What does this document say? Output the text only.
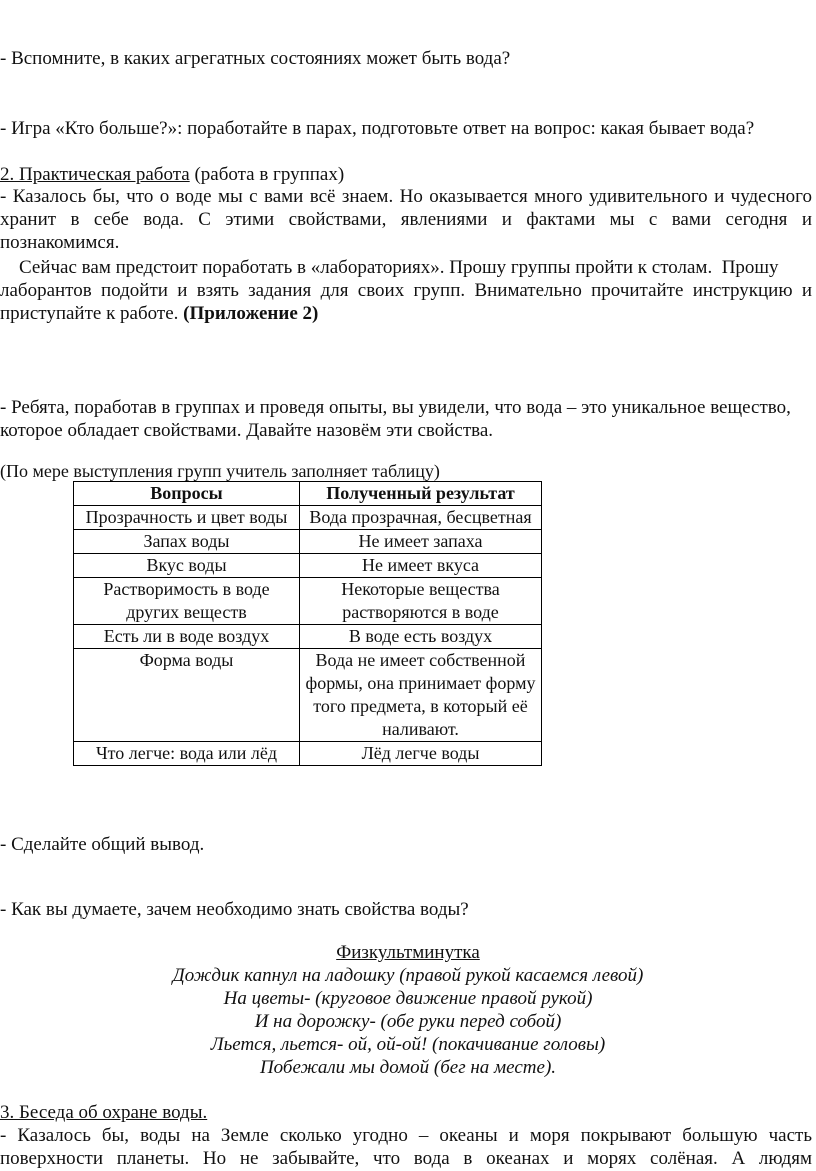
- Вспомните, в каких агрегатных состояниях может быть вода?
- Игра «Кто больше?»: поработайте в парах, подготовьте ответ на вопрос: какая бывает вода?
2. Практическая работа (работа в группах)
- Казалось бы, что о воде мы с вами всё знаем. Но оказывается много удивительного и чудесного
хранит в себе вода. С этими свойствами, явлениями и фактами мы с вами сегодня и
познакомимся.
Сейчас вам предстоит поработать в «лабораториях». Прошу группы пройти к столам.  Прошу
лаборантов подойти и взять задания для своих групп. Внимательно прочитайте инструкцию и
приступайте к работе. (Приложение 2)
- Ребята, поработав в группах и проведя опыты, вы увидели, что вода – это уникальное вещество,
которое обладает свойствами. Давайте назовём эти свойства.
(По мере выступления групп учитель заполняет таблицу)
Вопросы	Полученный результат
Прозрачность и цвет воды	Вода прозрачная, бесцветная
Запах воды	Не имеет запаха
Вкус воды	Не имеет вкуса
Растворимость в воде других веществ	Некоторые вещества растворяются в воде
Есть ли в воде воздух	В воде есть воздух
Форма воды	Вода не имеет собственной формы, она принимает форму того предмета, в который её наливают.
Что легче: вода или лёд	Лёд легче воды
- Сделайте общий вывод.
- Как вы думаете, зачем необходимо знать свойства воды?
Физкультминутка
Дождик капнул на ладошку (правой рукой касаемся левой)
На цветы- (круговое движение правой рукой)
И на дорожку- (обе руки перед собой)
Льется, льется- ой, ой-ой! (покачивание головы)
Побежали мы домой (бег на месте).
3. Беседа об охране воды.
- Казалось бы, воды на Земле сколько угодно – океаны и моря покрывают большую часть
поверхности планеты. Но не забывайте, что вода в океанах и морях солёная. А людям
